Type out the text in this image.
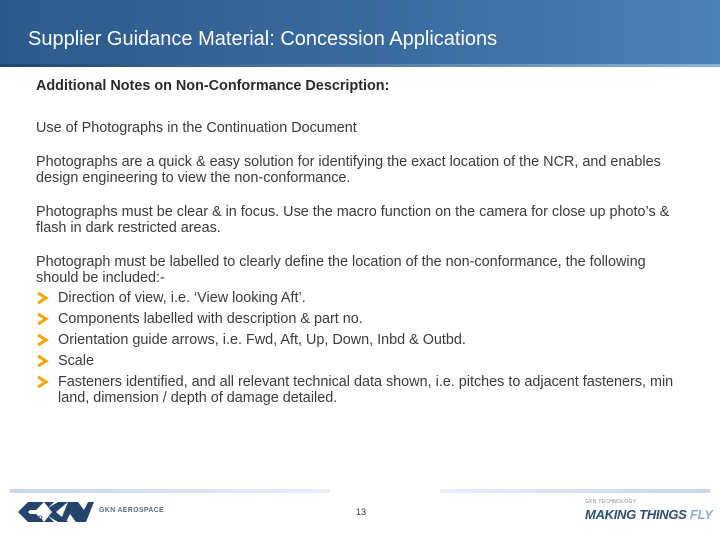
Supplier Guidance Material: Concession Applications

Additional Notes on Non-Conformance Description:

Use of Photographs in the Continuation Document

Photographs are a quick & easy solution for identifying the exact location of the NCR, and enables design engineering to view the non-conformance.

Photographs must be clear & in focus. Use the macro function on the camera for close up photo’s & flash in dark restricted areas.

Photograph must be labelled to clearly define the location of the non-conformance, the following should be included:-

Direction of view, i.e. ‘View looking Aft’.
Components labelled with description & part no.
Orientation guide arrows, i.e. Fwd, Aft, Up, Down, Inbd & Outbd.
Scale
Fasteners identified, and all relevant technical data shown, i.e. pitches to adjacent fasteners, min land, dimension / depth of damage detailed.
GKN AEROSPACE
13
13
GKN TECHNOLOGY
MAKING THINGS FLY
